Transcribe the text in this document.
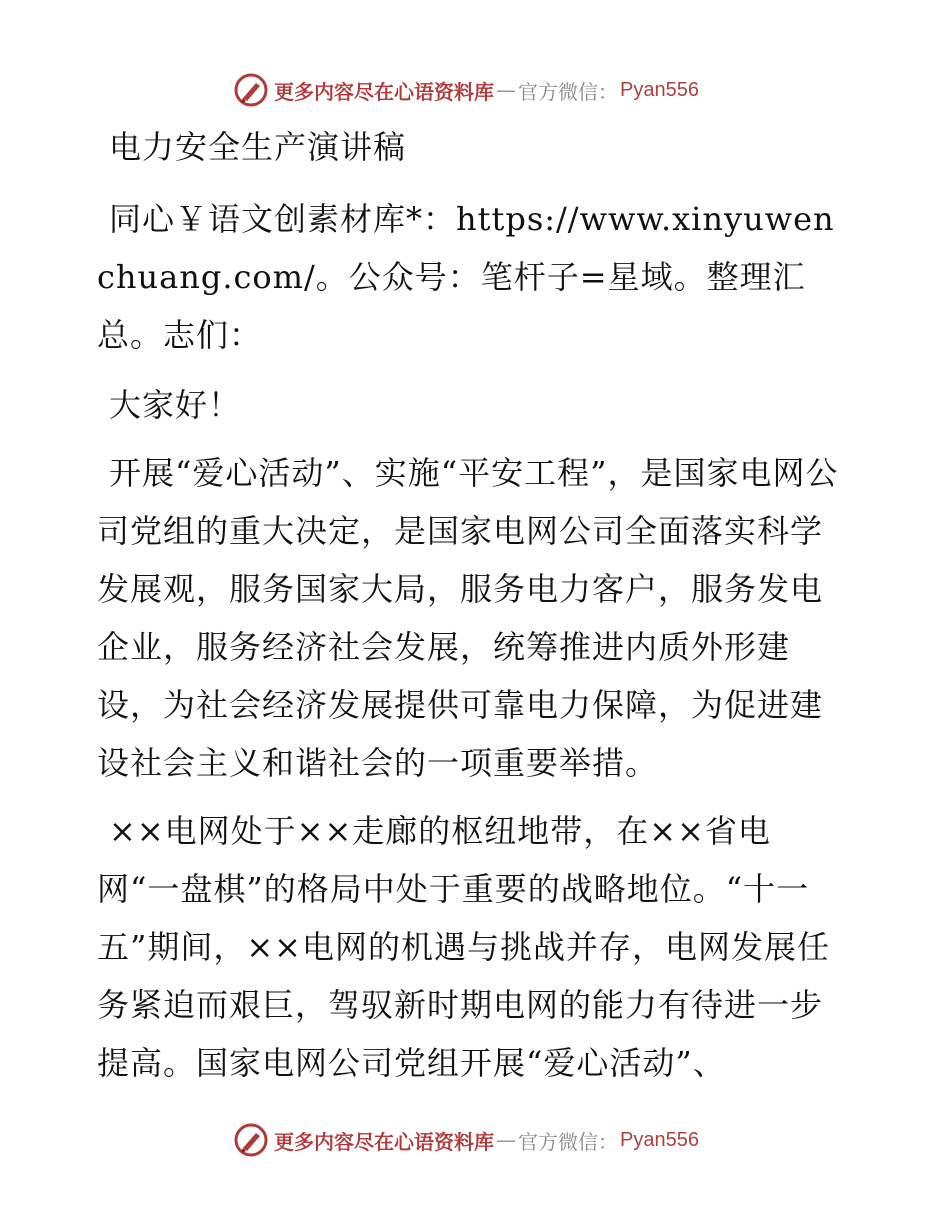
更多内容尽在心语资料库 — 官方微信： Pyan556

电力安全生产演讲稿

同心￥语文创素材库*：https://www.xinyuwenchuang.com/。公众号：笔杆子=星域。整理汇总。志们：

大家好！

开展“爱心活动”、实施“平安工程”，是国家电网公司党组的重大决定，是国家电网公司全面落实科学发展观，服务国家大局，服务电力客户，服务发电企业，服务经济社会发展，统筹推进内质外形建设，为社会经济发展提供可靠电力保障，为促进建设社会主义和谐社会的一项重要举措。

××电网处于××走廊的枢纽地带，在××省电网“一盘棋”的格局中处于重要的战略地位。“十一五”期间，××电网的机遇与挑战并存，电网发展任务紧迫而艰巨，驾驭新时期电网的能力有待进一步提高。国家电网公司党组开展“爱心活动”、

更多内容尽在心语资料库 — 官方微信： Pyan556
